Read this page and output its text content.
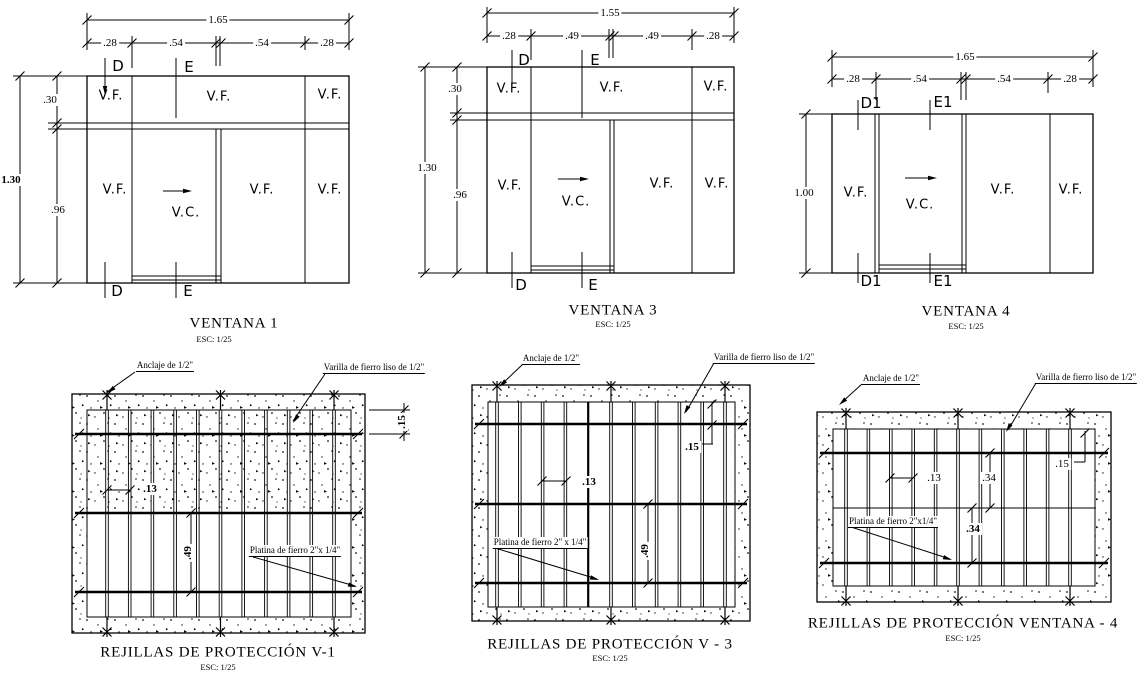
1.65
.28	.54	.54	.28
1.30
.30
.96
D	E
D	E
V.F.	V.F.	V.F.
V.F.
V.C.
V.F.	V.F.
VENTANA 1
ESC: 1/25
1.55
.28	.49	.49	.28
1.30
.30
.96
D	E
D	E
V.F.	V.F.	V.F.
V.F.
V.C.
V.F. V.F.
VENTANA 3
ESC: 1/25
1.65
.28	.54	.54	.28
1.00
D1	E1
D1	E1
V.F.
V.C.
V.F.	V.F.
VENTANA 4
ESC: 1/25
Anclaje de 1/2"	Varilla de fierro liso de 1/2"
Platina de fierro 2"x 1/4"
.15
.13
.49
REJILLAS DE PROTECCIÓN V-1
ESC: 1/25
Anclaje de 1/2"	Varilla de fierro liso de 1/2"
Platina de fierro 2" x 1/4"
.15
.13
.49
REJILLAS DE PROTECCIÓN V - 3
ESC: 1/25
Anclaje de 1/2"	Varilla de fierro liso de 1/2"
Platina de fierro 2"x1/4"
.13	.34
.34
.15
REJILLAS DE PROTECCIÓN VENTANA - 4
ESC: 1/25
